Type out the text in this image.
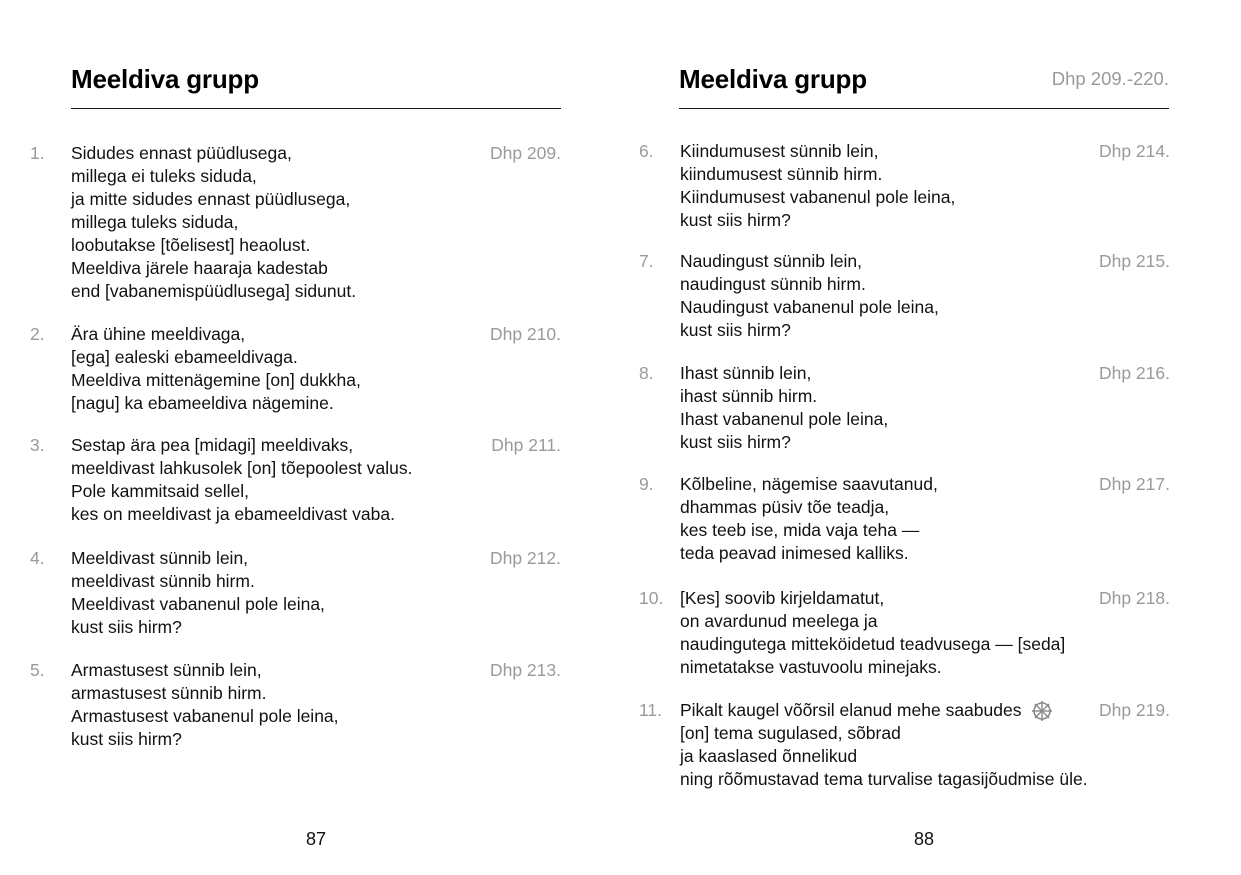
Meeldiva grupp
87
1. Sidudes ennast püüdlusega,
millega ei tuleks siduda,
ja mitte sidudes ennast püüdlusega,
millega tuleks siduda,
loobutakse [tõelisest] heaolust.
Meeldiva järele haaraja kadestab
end [vabanemispüüdlusega] sidunut.
Dhp 209.
2. Ära ühine meeldivaga,
[ega] ealeski ebameeldivaga.
Meeldiva mittenägemine [on] dukkha,
[nagu] ka ebameeldiva nägemine.
Dhp 210.
3. Sestap ära pea [midagi] meeldivaks,
meeldivast lahkusolek [on] tõepoolest valus.
Pole kammitsaid sellel,
kes on meeldivast ja ebameeldivast vaba.
Dhp 211.
4. Meeldivast sünnib lein,
meeldivast sünnib hirm.
Meeldivast vabanenul pole leina,
kust siis hirm?
Dhp 212.
5. Armastusest sünnib lein,
armastusest sünnib hirm.
Armastusest vabanenul pole leina,
kust siis hirm?
Dhp 213.
Meeldiva grupp	Dhp 209.-220.
88
6. Kiindumusest sünnib lein,
kiindumusest sünnib hirm.
Kiindumusest vabanenul pole leina,
kust siis hirm?
Dhp 214.
7. Naudingust sünnib lein,
naudingust sünnib hirm.
Naudingust vabanenul pole leina,
kust siis hirm?
Dhp 215.
8. Ihast sünnib lein,
ihast sünnib hirm.
Ihast vabanenul pole leina,
kust siis hirm?
Dhp 216.
9. Kõlbeline, nägemise saavutanud,
dhammas püsiv tõe teadja,
kes teeb ise, mida vaja teha —
teda peavad inimesed kalliks.
Dhp 217.
10. [Kes] soovib kirjeldamatut,
on avardunud meelega ja
naudingutega mitteköidetud teadvusega — [seda]
nimetatakse vastuvoolu minejaks.
Dhp 218.
11. Pikalt kaugel võõrsil elanud mehe saabudes
[on] tema sugulased, sõbrad
ja kaaslased õnnelikud
ning rõõmustavad tema turvalise tagasijõudmise üle.
Dhp 219.
